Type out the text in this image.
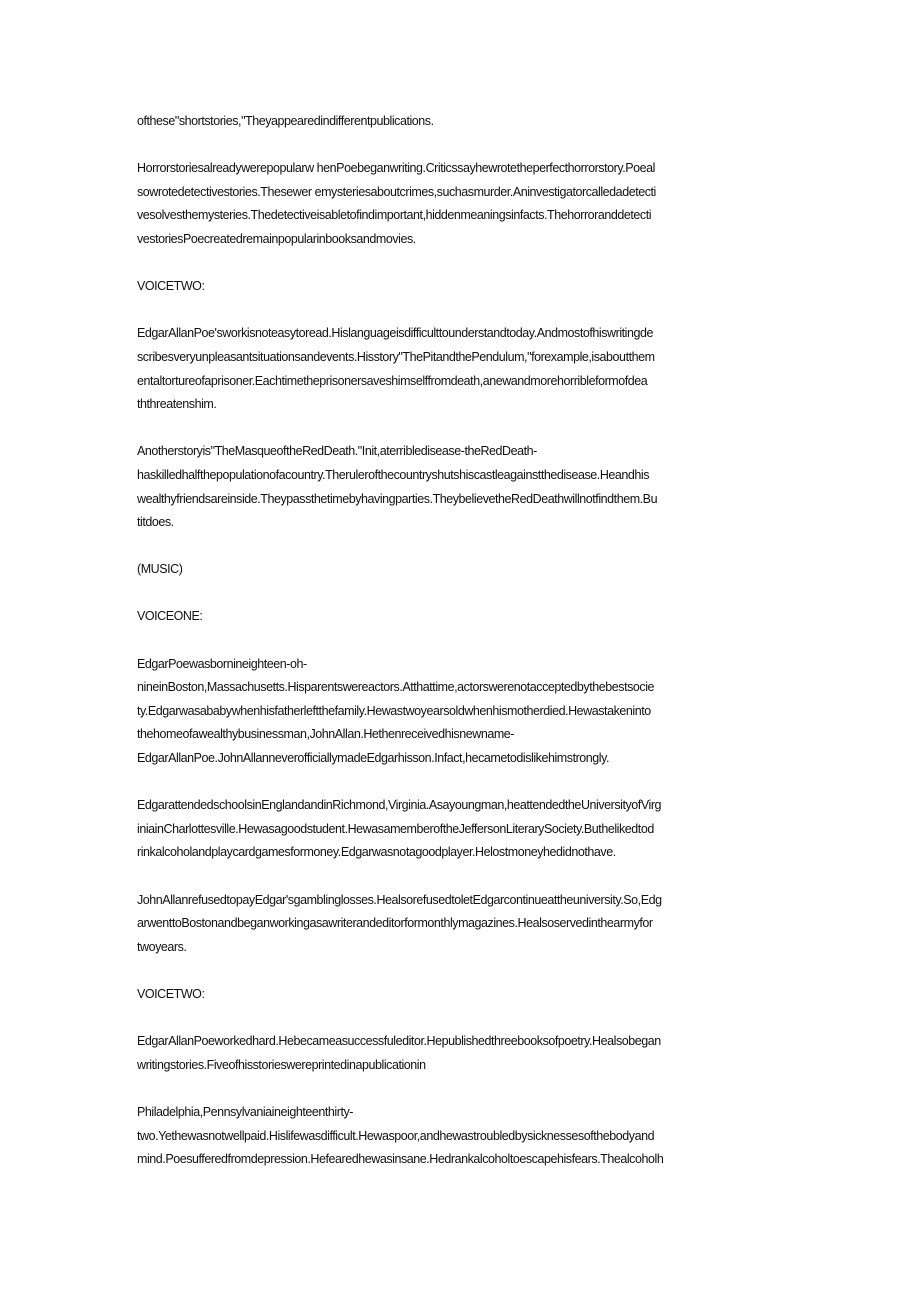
ofthese"shortstories,"Theyappearedindifferentpublications.
Horrorstoriesalreadywerepopularw henPoebeganwriting.Criticssayhewrotetheperfecthorrorstory.Poeal
sowrotedetectivestories.Thesewer emysteriesaboutcrimes,suchasmurder.Aninvestigatorcalledadetecti
vesolvesthemysteries.Thedetectiveisabletofindimportant,hiddenmeaningsinfacts.Thehorroranddetecti
vestoriesPoecreatedremainpopularinbooksandmovies.
VOICETWO:
EdgarAllanPoe'sworkisnoteasytoread.Hislanguageisdifficulttounderstandtoday.Andmostofhiswritingde
scribesveryunpleasantsituationsandevents.Hisstory"ThePitandthePendulum,"forexample,isaboutthem
entaltortureofaprisoner.Eachtimetheprisonersaveshimselffromdeath,anewandmorehorribleformofdea
ththreatenshim.
Anotherstoryis"TheMasqueoftheRedDeath."Init,aterribledisease-theRedDeath-
haskilledhalfthepopulationofacountry.Therulerofthecountryshutshiscastleagainstthedisease.Heandhis
wealthyfriendsareinside.Theypassthetimebyhavingparties.TheybelievetheRedDeathwillnotfindthem.Bu
titdoes.
(MUSIC)
VOICEONE:
EdgarPoewasbornineighteen-oh-
nineinBoston,Massachusetts.Hisparentswereactors.Atthattime,actorswerenotacceptedbythebestsocie
ty.Edgarwasababywhenhisfatherleftthefamily.Hewastwoyearsoldwhenhismotherdied.Hewastakeninto
thehomeofawealthybusinessman,JohnAllan.Hethenreceivedhisnewname-
EdgarAllanPoe.JohnAllanneverofficiallymadeEdgarhisson.Infact,hecametodislikehimstrongly.
EdgarattendedschoolsinEnglandandinRichmond,Virginia.Asayoungman,heattendedtheUniversityofVirg
iniainCharlottesville.Hewasagoodstudent.HewasamemberoftheJeffersonLiterarySociety.Buthelikedtod
rinkalcoholandplaycardgamesformoney.Edgarwasnotagoodplayer.Helostmoneyhedidnothave.
JohnAllanrefusedtopayEdgar'sgamblinglosses.HealsorefusedtoletEdgarcontinueattheuniversity.So,Edg
arwenttoBostonandbeganworkingasawriterandeditorformonthlymagazines.Healsoservedinthearmyfor
twoyears.
VOICETWO:
EdgarAllanPoeworkedhard.Hebecameasuccessfuleditor.Hepublishedthreebooksofpoetry.Healsobegan
writingstories.Fiveofhisstorieswereprintedinapublicationin
Philadelphia,Pennsylvaniaineighteenthirty-
two.Yethewasnotwellpaid.Hislifewasdifficult.Hewaspoor,andhewastroubledbysicknessesofthebodyand
mind.Poesufferedfromdepression.Hefearedhewasinsane.Hedrankalcoholtoescapehisfears.Thealcoholh
